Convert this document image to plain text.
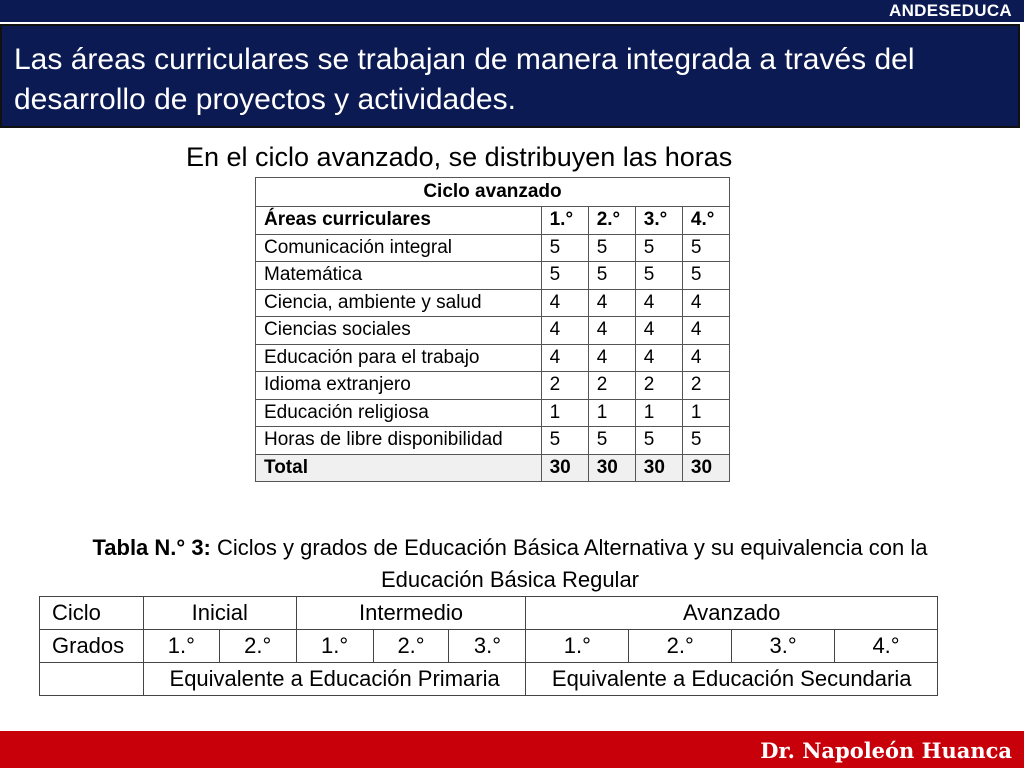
ANDESEDUCA
Las áreas curriculares se trabajan de manera integrada a través del desarrollo de proyectos y actividades.
En el ciclo avanzado, se distribuyen las horas
Ciclo avanzado				
Áreas curriculares	1.°	2.°	3.°	4.°
Comunicación integral	5	5	5	5
Matemática	5	5	5	5
Ciencia, ambiente y salud	4	4	4	4
Ciencias sociales	4	4	4	4
Educación para el trabajo	4	4	4	4
Idioma extranjero	2	2	2	2
Educación religiosa	1	1	1	1
Horas de libre disponibilidad	5	5	5	5
Total	30	30	30	30
Tabla N.° 3: Ciclos y grados de Educación Básica Alternativa y su equivalencia con la
Educación Básica Regular
Ciclo	Inicial		Intermedio			Avanzado			
Grados	1.°	2.°	1.°	2.°	3.°	1.°	2.°	3.°	4.°
	Equivalente a Educación Primaria					Equivalente a Educación Secundaria			
Dr. Napoleón Huanca
